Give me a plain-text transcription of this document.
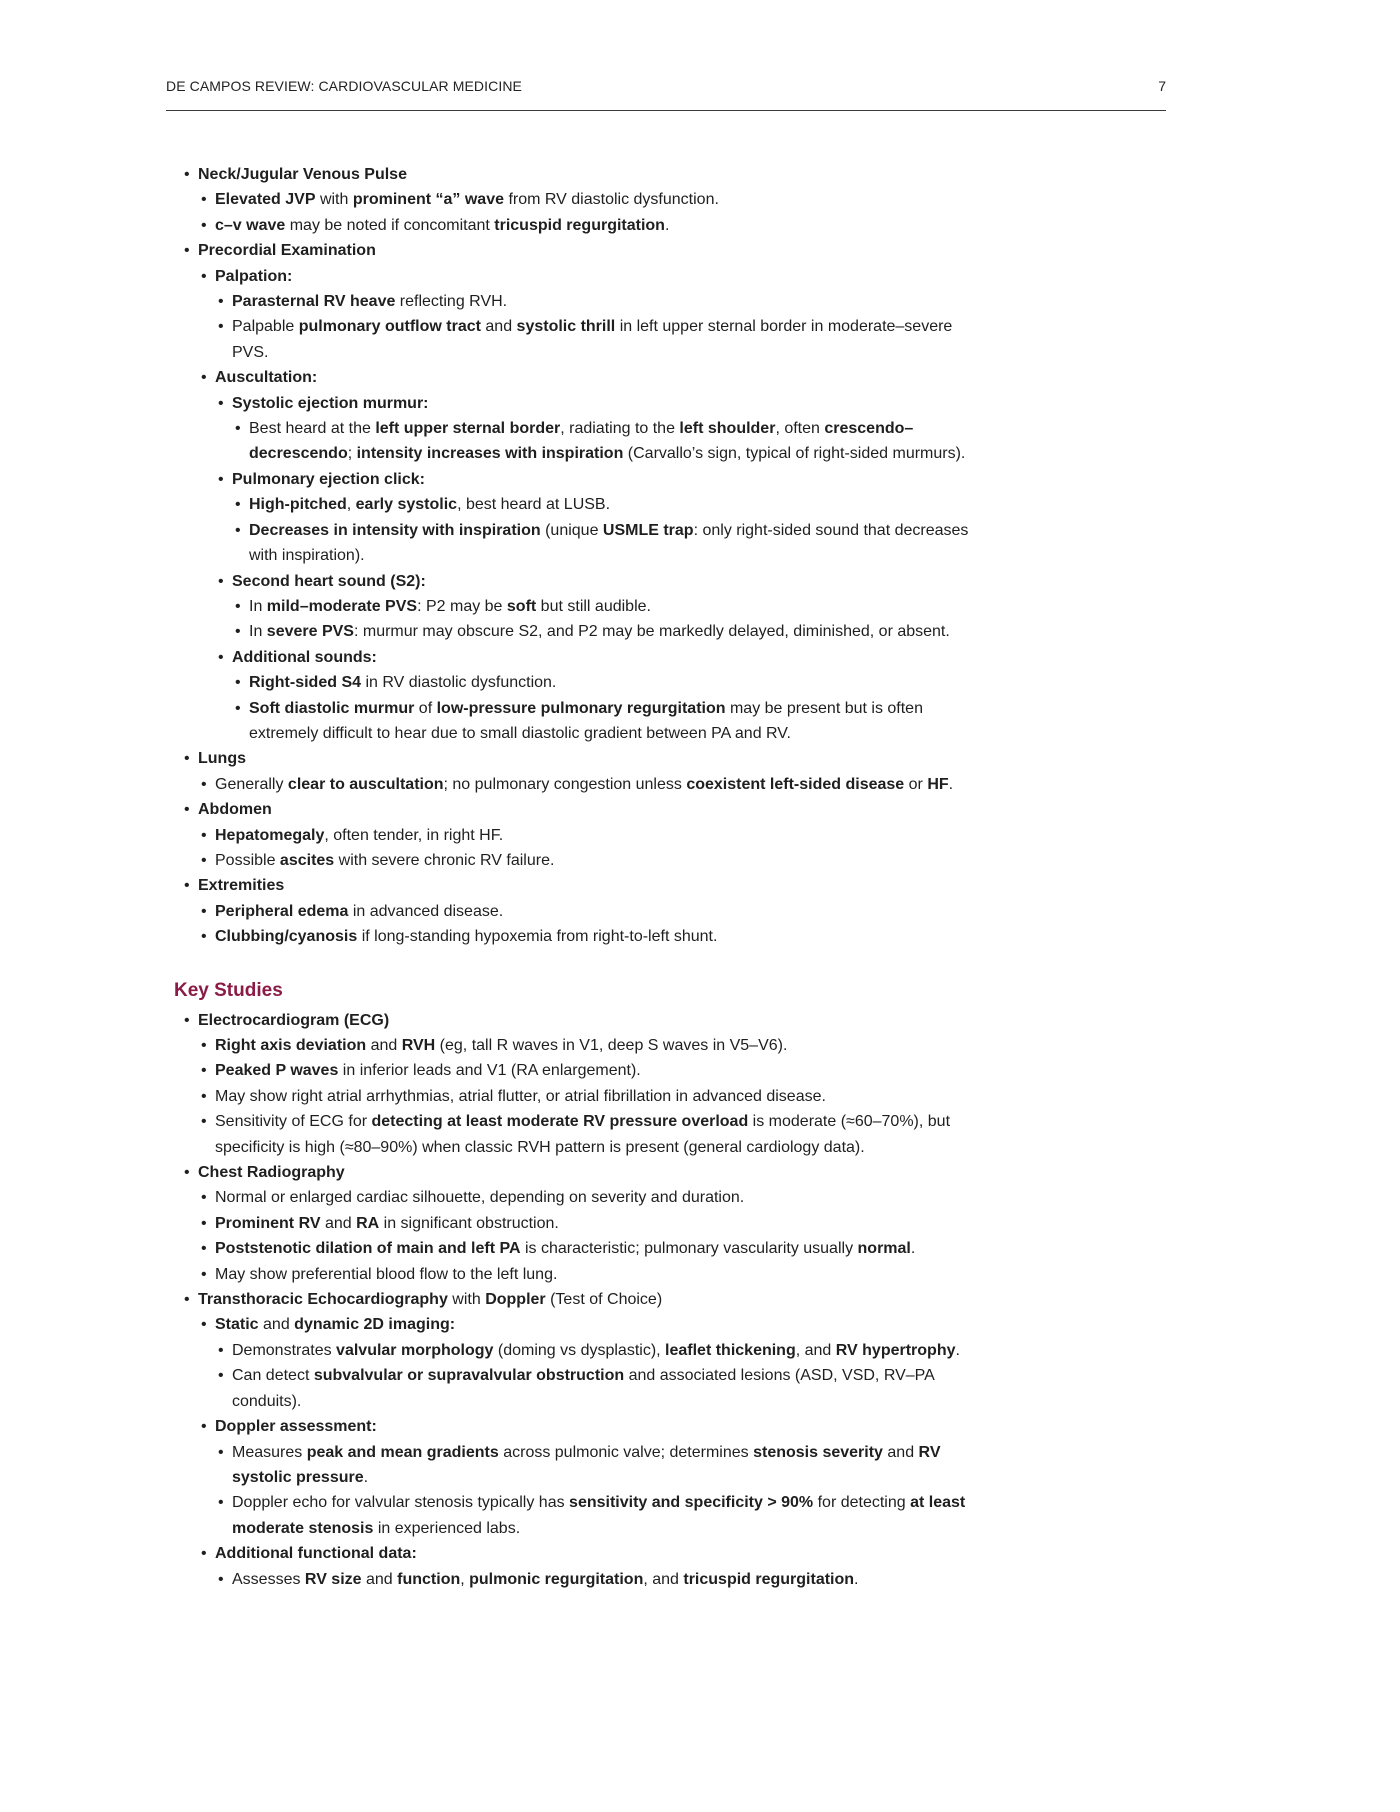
DE CAMPOS REVIEW: CARDIOVASCULAR MEDICINE	7
• Neck/Jugular Venous Pulse
• Elevated JVP with prominent “a” wave from RV diastolic dysfunction.
• c–v wave may be noted if concomitant tricuspid regurgitation.
• Precordial Examination
• Palpation:
• Parasternal RV heave reflecting RVH.
• Palpable pulmonary outflow tract and systolic thrill in left upper sternal border in moderate–severe
PVS.
• Auscultation:
• Systolic ejection murmur:
• Best heard at the left upper sternal border, radiating to the left shoulder, often crescendo–
decrescendo; intensity increases with inspiration (Carvallo’s sign, typical of right-sided murmurs).
• Pulmonary ejection click:
• High-pitched, early systolic, best heard at LUSB.
• Decreases in intensity with inspiration (unique USMLE trap: only right-sided sound that decreases
with inspiration).
• Second heart sound (S2):
• In mild–moderate PVS: P2 may be soft but still audible.
• In severe PVS: murmur may obscure S2, and P2 may be markedly delayed, diminished, or absent.
• Additional sounds:
• Right-sided S4 in RV diastolic dysfunction.
• Soft diastolic murmur of low-pressure pulmonary regurgitation may be present but is often
extremely difficult to hear due to small diastolic gradient between PA and RV.
• Lungs
• Generally clear to auscultation; no pulmonary congestion unless coexistent left-sided disease or HF.
• Abdomen
• Hepatomegaly, often tender, in right HF.
• Possible ascites with severe chronic RV failure.
• Extremities
• Peripheral edema in advanced disease.
• Clubbing/cyanosis if long-standing hypoxemia from right-to-left shunt.
Key Studies
• Electrocardiogram (ECG)
• Right axis deviation and RVH (eg, tall R waves in V1, deep S waves in V5–V6).
• Peaked P waves in inferior leads and V1 (RA enlargement).
• May show right atrial arrhythmias, atrial flutter, or atrial fibrillation in advanced disease.
• Sensitivity of ECG for detecting at least moderate RV pressure overload is moderate (≈60–70%), but
specificity is high (≈80–90%) when classic RVH pattern is present (general cardiology data).
• Chest Radiography
• Normal or enlarged cardiac silhouette, depending on severity and duration.
• Prominent RV and RA in significant obstruction.
• Poststenotic dilation of main and left PA is characteristic; pulmonary vascularity usually normal.
• May show preferential blood flow to the left lung.
• Transthoracic Echocardiography with Doppler (Test of Choice)
• Static and dynamic 2D imaging:
• Demonstrates valvular morphology (doming vs dysplastic), leaflet thickening, and RV hypertrophy.
• Can detect subvalvular or supravalvular obstruction and associated lesions (ASD, VSD, RV–PA
conduits).
• Doppler assessment:
• Measures peak and mean gradients across pulmonic valve; determines stenosis severity and RV
systolic pressure.
• Doppler echo for valvular stenosis typically has sensitivity and specificity > 90% for detecting at least
moderate stenosis in experienced labs.
• Additional functional data:
• Assesses RV size and function, pulmonic regurgitation, and tricuspid regurgitation.
